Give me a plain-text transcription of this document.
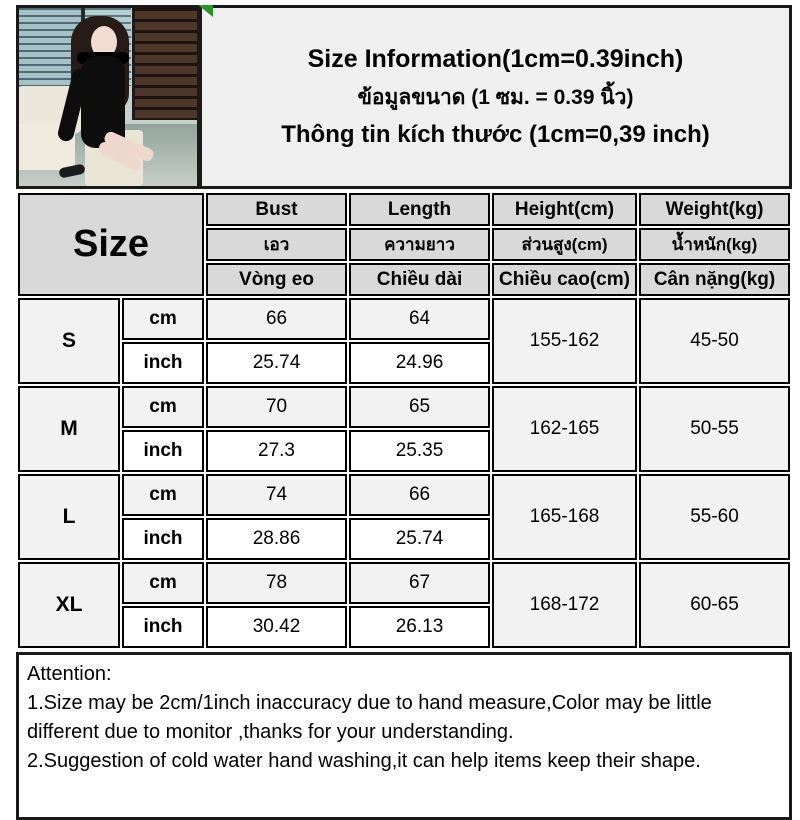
Size Information(1cm=0.39inch)
ข้อมูลขนาด (1 ซม. = 0.39 นิ้ว)
Thông tin kích thước (1cm=0,39 inch)
Size		Bust	Length	Height(cm)	Weight(kg)
		เอว	ความยาว	ส่วนสูง(cm)	น้ำหนัก(kg)
		Vòng eo	Chiều dài	Chiều cao(cm)	Cân nặng(kg)
S	cm	66	64	155-162	45-50
	inch	25.74	24.96		
M	cm	70	65	162-165	50-55
	inch	27.3	25.35		
L	cm	74	66	165-168	55-60
	inch	28.86	25.74		
XL	cm	78	67	168-172	60-65
	inch	30.42	26.13		
Attention:
1.Size may be 2cm/1inch inaccuracy due to hand measure,Color may be little different due to monitor ,thanks for your understanding.
2.Suggestion of cold water hand washing,it can help items keep their shape.
